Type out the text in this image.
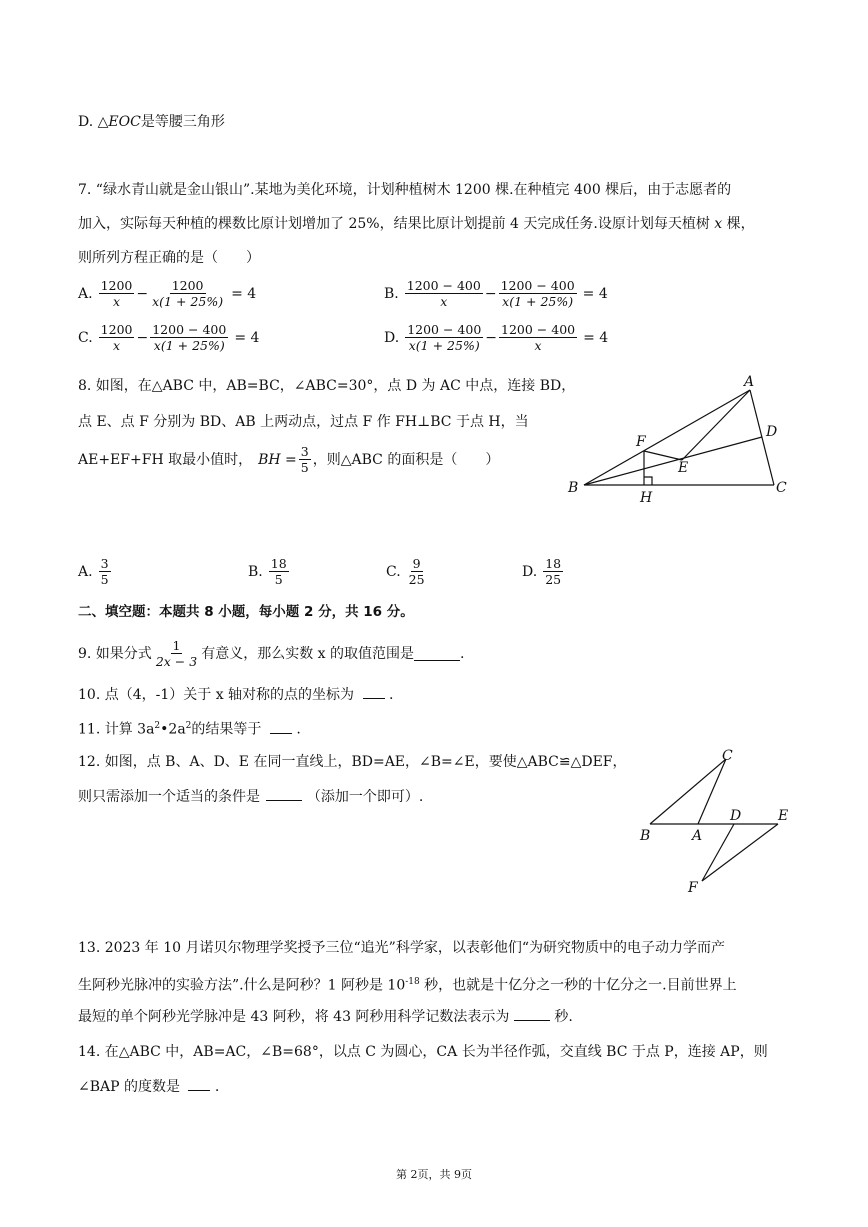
D. △EOC是等腰三角形
7. “绿水青山就是金山银山”.某地为美化环境，计划种植树木 1200 棵.在种植完 400 棵后，由于志愿者的
加入，实际每天种植的棵数比原计划增加了 25%，结果比原计划提前 4 天完成任务.设原计划每天植树 x 棵，
则所列方程正确的是（　　）
A. $\frac{1200}{x} - \frac{1200}{x(1 + 25\%)} = 4$	B. $\frac{1200 - 400}{x} - \frac{1200 - 400}{x(1 + 25\%)} = 4$
C. $\frac{1200}{x} - \frac{1200 - 400}{x(1 + 25\%)} = 4$	D. $\frac{1200 - 400}{x(1 + 25\%)} - \frac{1200 - 400}{x} = 4$
8. 如图，在△ABC 中，AB=BC，∠ABC=30°，点 D 为 AC 中点，连接 BD，
点 E、点 F 分别为 BD、AB 上两动点，过点 F 作 FH⊥BC 于点 H，当
AE+EF+FH 取最小值时， BH = $\frac{3}{5}$ ，则△ABC 的面积是（　　）
A
B	C
D
E
F
H
A. $\frac{3}{5}$	B. $\frac{18}{5}$	C. $\frac{9}{25}$	D. $\frac{18}{25}$
二、填空题：本题共 8 小题，每小题 2 分，共 16 分。
9. 如果分式 $\frac{1}{2x - 3}$ 有意义，那么实数 x 的取值范围是	.
10. 点（4，-1）关于 x 轴对称的点的坐标为 .
11. 计算 $3a^2•2a^2$的结果等于 .
12. 如图，点 B、A、D、E 在同一直线上，BD=AE，∠B=∠E，要使△ABC≌△DEF，
则只需添加一个适当的条件是	（添加一个即可）.
B	A
D	E
C
F
13. 2023 年 10 月诺贝尔物理学奖授予三位“追光”科学家，以表彰他们“为研究物质中的电子动力学而产
生阿秒光脉冲的实验方法”.什么是阿秒？1 阿秒是 $10^{-18}$ 秒，也就是十亿分之一秒的十亿分之一.目前世界上
最短的单个阿秒光学脉冲是 43 阿秒，将 43 阿秒用科学记数法表示为	秒.
14. 在△ABC 中，AB=AC，∠B=68°，以点 C 为圆心，CA 长为半径作弧，交直线 BC 于点 P，连接 AP，则
∠BAP 的度数是 .
第 2页，共 9页
